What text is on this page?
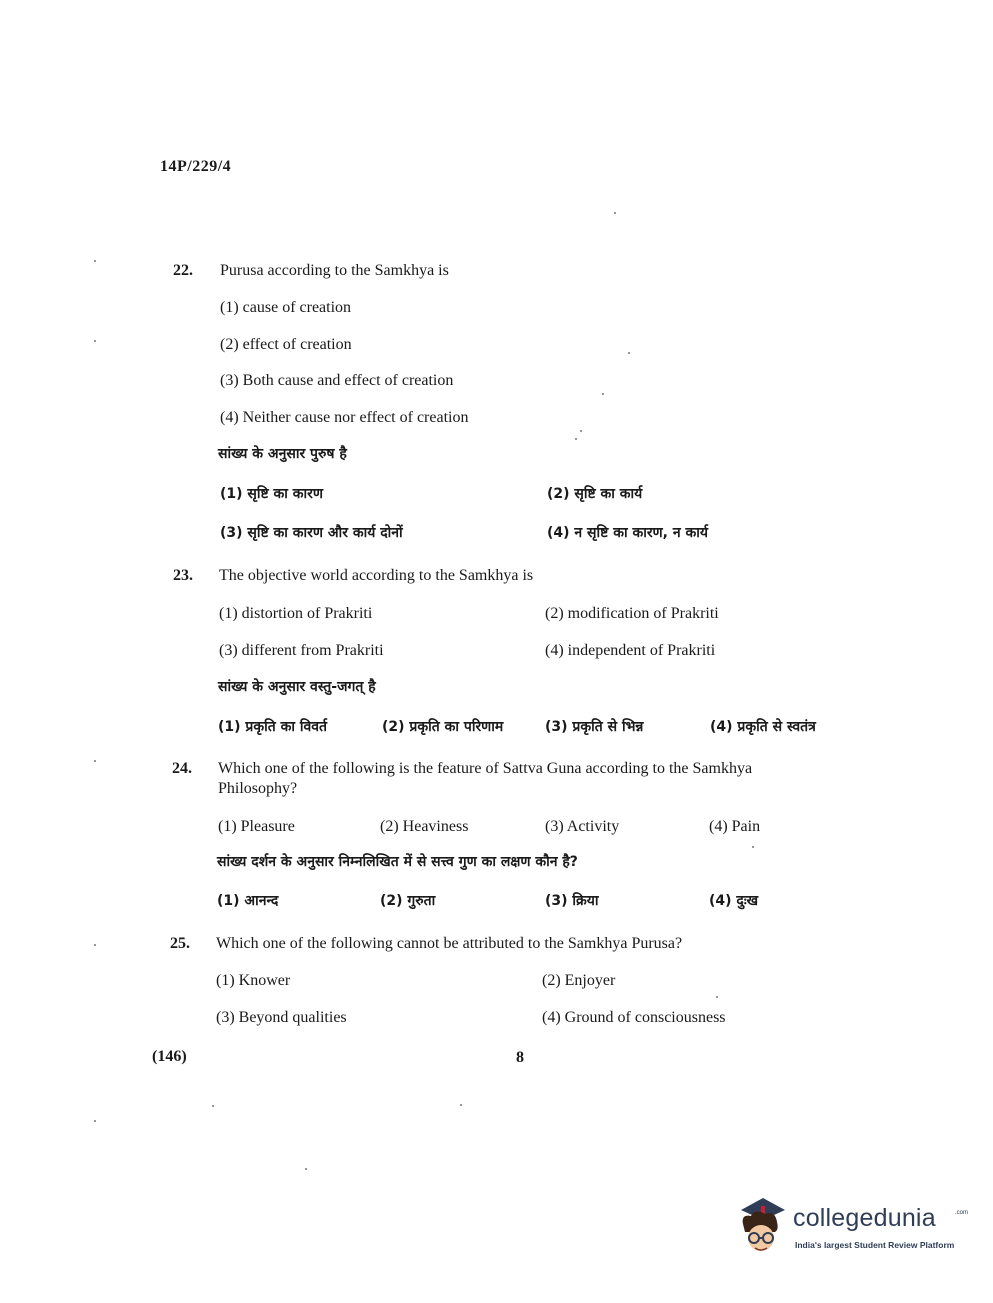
14P/229/4
22. Purusa according to the Samkhya is
(1) cause of creation
(2) effect of creation
(3) Both cause and effect of creation
(4) Neither cause nor effect of creation
सांख्य के अनुसार पुरुष है
(1) सृष्टि का कारण	(2) सृष्टि का कार्य
(3) सृष्टि का कारण और कार्य दोनों	(4) न सृष्टि का कारण, न कार्य
23. The objective world according to the Samkhya is
(1) distortion of Prakriti	(2) modification of Prakriti
(3) different from Prakriti	(4) independent of Prakriti
सांख्य के अनुसार वस्तु-जगत् है
(1) प्रकृति का विवर्त	(2) प्रकृति का परिणाम	(3) प्रकृति से भिन्न	(4) प्रकृति से स्वतंत्र
24. Which one of the following is the feature of Sattva Guna according to the Samkhya
Philosophy?
(1) Pleasure	(2) Heaviness	(3) Activity	(4) Pain
सांख्य दर्शन के अनुसार निम्नलिखित में से सत्त्व गुण का लक्षण कौन है?
(1) आनन्द	(2) गुरुता	(3) क्रिया	(4) दुःख
25. Which one of the following cannot be attributed to the Samkhya Purusa?
(1) Knower	(2) Enjoyer
(3) Beyond qualities	(4) Ground of consciousness
(146)	8
collegedunia	.com
India's largest Student Review Platform
